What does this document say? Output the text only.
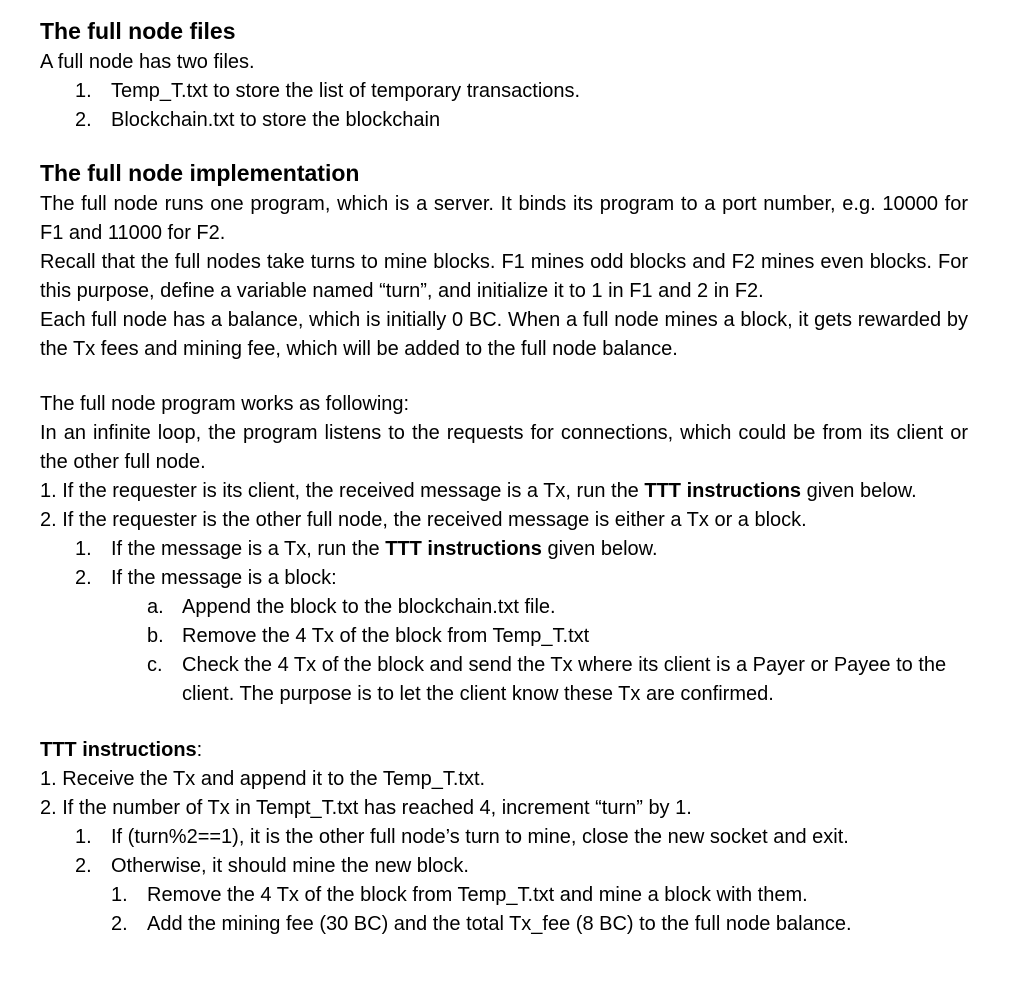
The full node files

A full node has two files.

1. Temp_T.txt to store the list of temporary transactions.
2. Blockchain.txt to store the blockchain

The full node implementation

The full node runs one program, which is a server. It binds its program to a port number, e.g. 10000 for F1 and 11000 for F2.

Recall that the full nodes take turns to mine blocks. F1 mines odd blocks and F2 mines even blocks. For this purpose, define a variable named “turn”, and initialize it to 1 in F1 and 2 in F2.

Each full node has a balance, which is initially 0 BC. When a full node mines a block, it gets rewarded by the Tx fees and mining fee, which will be added to the full node balance.

The full node program works as following:

In an infinite loop, the program listens to the requests for connections, which could be from its client or the other full node.

1. If the requester is its client, the received message is a Tx, run the TTT instructions given below.

2. If the requester is the other full node, the received message is either a Tx or a block.

1. If the message is a Tx, run the TTT instructions given below.
2. If the message is a block:
a. Append the block to the blockchain.txt file.
b. Remove the 4 Tx of the block from Temp_T.txt
c. Check the 4 Tx of the block and send the Tx where its client is a Payer or Payee to the client. The purpose is to let the client know these Tx are confirmed.

TTT instructions:

1. Receive the Tx and append it to the Temp_T.txt.

2. If the number of Tx in Tempt_T.txt has reached 4, increment “turn” by 1.

1. If (turn%2==1), it is the other full node’s turn to mine, close the new socket and exit.
2. Otherwise, it should mine the new block.
1. Remove the 4 Tx of the block from Temp_T.txt and mine a block with them.
2. Add the mining fee (30 BC) and the total Tx_fee (8 BC) to the full node balance.
